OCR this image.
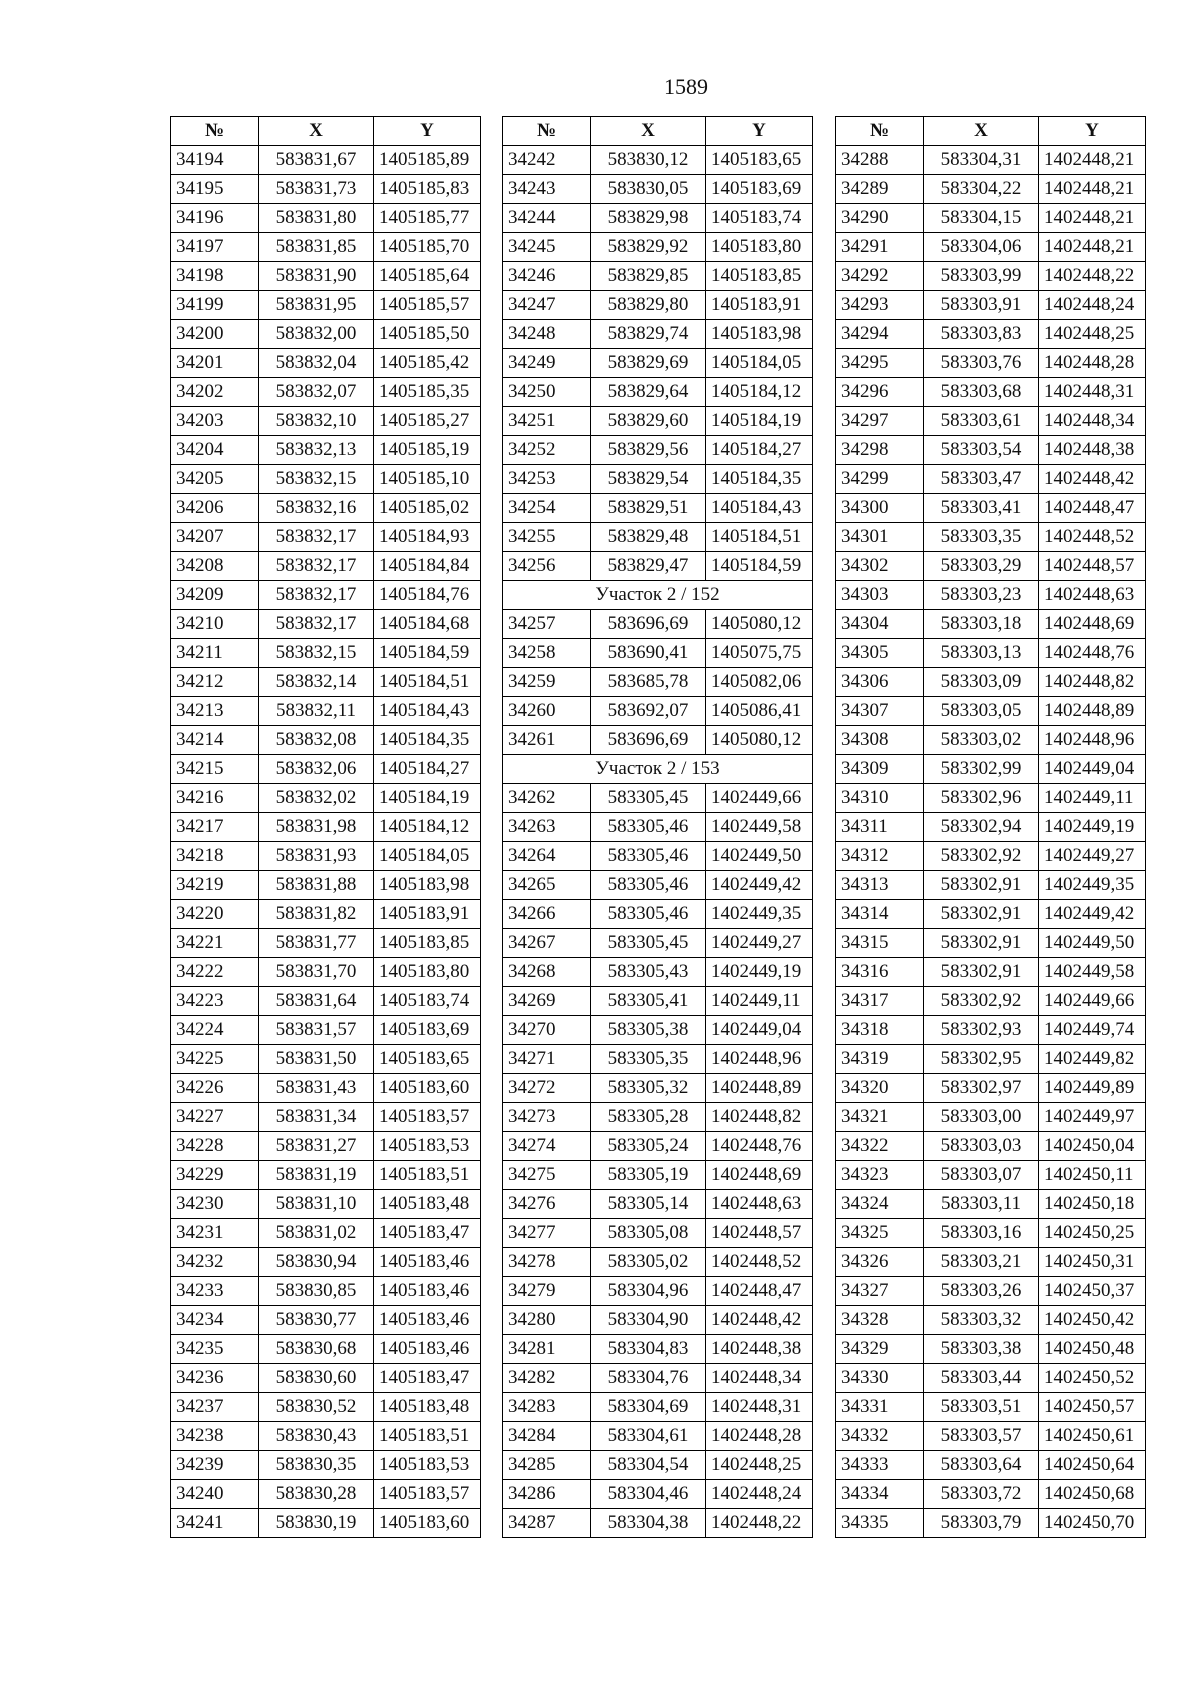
1589
№	X	Y
34194	583831,67	1405185,89
34195	583831,73	1405185,83
34196	583831,80	1405185,77
34197	583831,85	1405185,70
34198	583831,90	1405185,64
34199	583831,95	1405185,57
34200	583832,00	1405185,50
34201	583832,04	1405185,42
34202	583832,07	1405185,35
34203	583832,10	1405185,27
34204	583832,13	1405185,19
34205	583832,15	1405185,10
34206	583832,16	1405185,02
34207	583832,17	1405184,93
34208	583832,17	1405184,84
34209	583832,17	1405184,76
34210	583832,17	1405184,68
34211	583832,15	1405184,59
34212	583832,14	1405184,51
34213	583832,11	1405184,43
34214	583832,08	1405184,35
34215	583832,06	1405184,27
34216	583832,02	1405184,19
34217	583831,98	1405184,12
34218	583831,93	1405184,05
34219	583831,88	1405183,98
34220	583831,82	1405183,91
34221	583831,77	1405183,85
34222	583831,70	1405183,80
34223	583831,64	1405183,74
34224	583831,57	1405183,69
34225	583831,50	1405183,65
34226	583831,43	1405183,60
34227	583831,34	1405183,57
34228	583831,27	1405183,53
34229	583831,19	1405183,51
34230	583831,10	1405183,48
34231	583831,02	1405183,47
34232	583830,94	1405183,46
34233	583830,85	1405183,46
34234	583830,77	1405183,46
34235	583830,68	1405183,46
34236	583830,60	1405183,47
34237	583830,52	1405183,48
34238	583830,43	1405183,51
34239	583830,35	1405183,53
34240	583830,28	1405183,57
34241	583830,19	1405183,60
№	X	Y
34242	583830,12	1405183,65
34243	583830,05	1405183,69
34244	583829,98	1405183,74
34245	583829,92	1405183,80
34246	583829,85	1405183,85
34247	583829,80	1405183,91
34248	583829,74	1405183,98
34249	583829,69	1405184,05
34250	583829,64	1405184,12
34251	583829,60	1405184,19
34252	583829,56	1405184,27
34253	583829,54	1405184,35
34254	583829,51	1405184,43
34255	583829,48	1405184,51
34256	583829,47	1405184,59
Участок 2 / 152		
34257	583696,69	1405080,12
34258	583690,41	1405075,75
34259	583685,78	1405082,06
34260	583692,07	1405086,41
34261	583696,69	1405080,12
Участок 2 / 153		
34262	583305,45	1402449,66
34263	583305,46	1402449,58
34264	583305,46	1402449,50
34265	583305,46	1402449,42
34266	583305,46	1402449,35
34267	583305,45	1402449,27
34268	583305,43	1402449,19
34269	583305,41	1402449,11
34270	583305,38	1402449,04
34271	583305,35	1402448,96
34272	583305,32	1402448,89
34273	583305,28	1402448,82
34274	583305,24	1402448,76
34275	583305,19	1402448,69
34276	583305,14	1402448,63
34277	583305,08	1402448,57
34278	583305,02	1402448,52
34279	583304,96	1402448,47
34280	583304,90	1402448,42
34281	583304,83	1402448,38
34282	583304,76	1402448,34
34283	583304,69	1402448,31
34284	583304,61	1402448,28
34285	583304,54	1402448,25
34286	583304,46	1402448,24
34287	583304,38	1402448,22
№	X	Y
34288	583304,31	1402448,21
34289	583304,22	1402448,21
34290	583304,15	1402448,21
34291	583304,06	1402448,21
34292	583303,99	1402448,22
34293	583303,91	1402448,24
34294	583303,83	1402448,25
34295	583303,76	1402448,28
34296	583303,68	1402448,31
34297	583303,61	1402448,34
34298	583303,54	1402448,38
34299	583303,47	1402448,42
34300	583303,41	1402448,47
34301	583303,35	1402448,52
34302	583303,29	1402448,57
34303	583303,23	1402448,63
34304	583303,18	1402448,69
34305	583303,13	1402448,76
34306	583303,09	1402448,82
34307	583303,05	1402448,89
34308	583303,02	1402448,96
34309	583302,99	1402449,04
34310	583302,96	1402449,11
34311	583302,94	1402449,19
34312	583302,92	1402449,27
34313	583302,91	1402449,35
34314	583302,91	1402449,42
34315	583302,91	1402449,50
34316	583302,91	1402449,58
34317	583302,92	1402449,66
34318	583302,93	1402449,74
34319	583302,95	1402449,82
34320	583302,97	1402449,89
34321	583303,00	1402449,97
34322	583303,03	1402450,04
34323	583303,07	1402450,11
34324	583303,11	1402450,18
34325	583303,16	1402450,25
34326	583303,21	1402450,31
34327	583303,26	1402450,37
34328	583303,32	1402450,42
34329	583303,38	1402450,48
34330	583303,44	1402450,52
34331	583303,51	1402450,57
34332	583303,57	1402450,61
34333	583303,64	1402450,64
34334	583303,72	1402450,68
34335	583303,79	1402450,70
